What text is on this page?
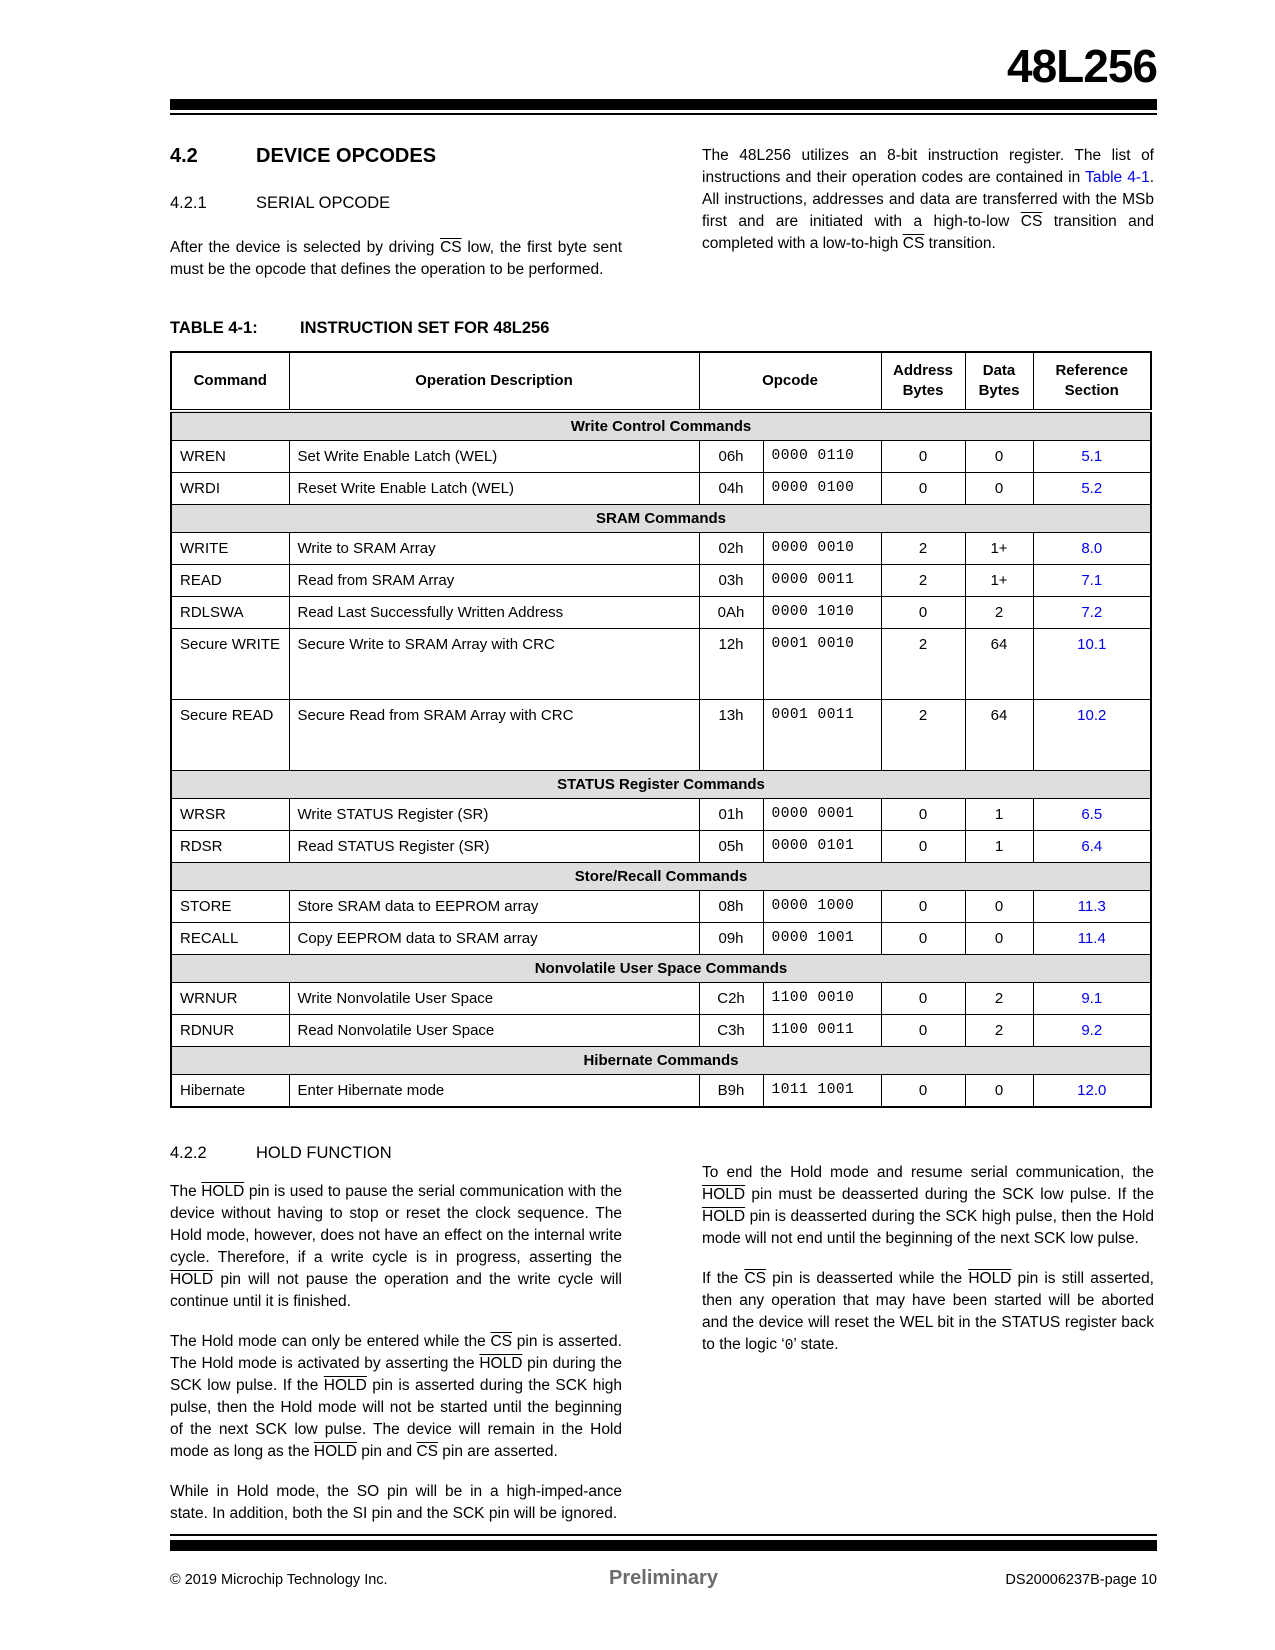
48L256
4.2	DEVICE OPCODES
4.2.1	SERIAL OPCODE

After the device is selected by driving $\overline{CS}$ low, the first byte sent must be the opcode that defines the operation to be performed.

The 48L256 utilizes an 8-bit instruction register. The list of instructions and their operation codes are contained in Table 4-1. All instructions, addresses and data are transferred with the MSb first and are initiated with a high-to-low $\overline{CS}$ transition and completed with a low-to-high $\overline{CS}$ transition.

TABLE 4-1:	INSTRUCTION SET FOR 48L256
Command	Operation Description	Opcode		Address Bytes	Data Bytes	Reference Section
Write Control Commands						
WREN	Set Write Enable Latch (WEL)	06h	0000 0110	0	0	5.1
WRDI	Reset Write Enable Latch (WEL)	04h	0000 0100	0	0	5.2
SRAM Commands						
WRITE	Write to SRAM Array	02h	0000 0010	2	1+	8.0
READ	Read from SRAM Array	03h	0000 0011	2	1+	7.1
RDLSWA	Read Last Successfully Written Address	0Ah	0000 1010	0	2	7.2
Secure WRITE	Secure Write to SRAM Array with CRC	12h	0001 0010	2	64	10.1
Secure READ	Secure Read from SRAM Array with CRC	13h	0001 0011	2	64	10.2
STATUS Register Commands						
WRSR	Write STATUS Register (SR)	01h	0000 0001	0	1	6.5
RDSR	Read STATUS Register (SR)	05h	0000 0101	0	1	6.4
Store/Recall Commands						
STORE	Store SRAM data to EEPROM array	08h	0000 1000	0	0	11.3
RECALL	Copy EEPROM data to SRAM array	09h	0000 1001	0	0	11.4
Nonvolatile User Space Commands						
WRNUR	Write Nonvolatile User Space	C2h	1100 0010	0	2	9.1
RDNUR	Read Nonvolatile User Space	C3h	1100 0011	0	2	9.2
Hibernate Commands						
Hibernate	Enter Hibernate mode	B9h	1011 1001	0	0	12.0
4.2.2	HOLD FUNCTION

The HOLD pin is used to pause the serial communication with the device without having to stop or reset the clock sequence. The Hold mode, however, does not have an effect on the internal write cycle. Therefore, if a write cycle is in progress, asserting the HOLD pin will not pause the operation and the write cycle will continue until it is finished.

The Hold mode can only be entered while the $\overline{CS}$ pin is asserted. The Hold mode is activated by asserting the HOLD pin during the SCK low pulse. If the HOLD pin is asserted during the SCK high pulse, then the Hold mode will not be started until the beginning of the next SCK low pulse. The device will remain in the Hold mode as long as the HOLD pin and $\overline{CS}$ pin are asserted.

While in Hold mode, the SO pin will be in a high-imped-ance state. In addition, both the SI pin and the SCK pin will be ignored.

To end the Hold mode and resume serial communication, the HOLD pin must be deasserted during the SCK low pulse. If the HOLD pin is deasserted during the SCK high pulse, then the Hold mode will not end until the beginning of the next SCK low pulse.

If the $\overline{CS}$ pin is deasserted while the HOLD pin is still asserted, then any operation that may have been started will be aborted and the device will reset the WEL bit in the STATUS register back to the logic ‘0’ state.

© 2019 Microchip Technology Inc.	Preliminary	DS20006237B-page 10
